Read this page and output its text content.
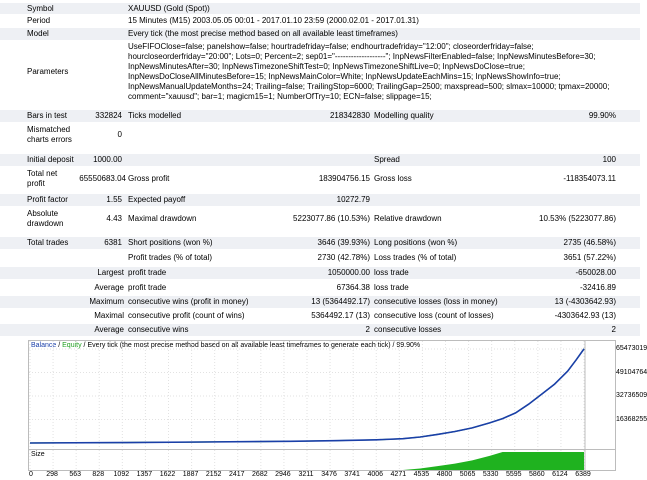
Symbol	XAUUSD (Gold (Spot))
Period	15 Minutes (M15) 2003.05.05 00:01 - 2017.01.10 23:59 (2000.02.01 - 2017.01.31)
Model	Every tick (the most precise method based on all available least timeframes)
Parameters
UseFIFOClose=false; panelshow=false; hourtradefriday=false; endhourtradefriday="12:00"; closeorderfriday=false;
hourcloseorderfriday="20:00"; Lots=0; Percent=2; sep01="-------------------"; InpNewsFilterEnabled=false; InpNewsMinutesBefore=30;
InpNewsMinutesAfter=30; InpNewsTimezoneShiftTest=0; InpNewsTimezoneShiftLive=0; InpNewsDoClose=true;
InpNewsDoCloseAllMinutesBefore=15; InpNewsMainColor=White; InpNewsUpdateEachMins=15; InpNewsShowInfo=true;
InpNewsManualUpdateMonths=24; Trailing=false; TrailingStop=6000; TrailingGap=2500; maxspread=500; slmax=10000; tpmax=20000;
comment="xauusd"; bar=1; magicm15=1; NumberOfTry=10; ECN=false; slippage=15;
Bars in test	332824 Ticks modelled	218342830 Modelling quality	99.90%
Mismatched
charts errors
0
Initial deposit	1000.00	Spread	100
Total net
profit
65550683.04 Gross profit	183904756.15 Gross loss	-118354073.11
Profit factor	1.55 Expected payoff	10272.79
Absolute
drawdown
4.43 Maximal drawdown	5223077.86 (10.53%) Relative drawdown	10.53% (5223077.86)
Total trades	6381 Short positions (won %)	3646 (39.93%) Long positions (won %)	2735 (46.58%)
Profit trades (% of total)	2730 (42.78%) Loss trades (% of total)	3651 (57.22%)
Largest profit trade	1050000.00 loss trade	-650028.00
Average profit trade	67364.38 loss trade	-32416.89
Maximum consecutive wins (profit in money)	13 (5364492.17) consecutive losses (loss in money)	13 (-4303642.93)
Maximal consecutive profit (count of wins)	5364492.17 (13) consecutive loss (count of losses)	-4303642.93 (13)
Average consecutive wins	2 consecutive losses	2
Balance / Equity / Every tick (the most precise method based on all available least timeframes to generate each tick) / 99.90%	65473019
49104764
32736509
16368255
Size
0 298 563 828 1092 1357 1622 1887 2152 2417 2682 2946 3211 3476 3741 4006 4271 4535 4800 5065 5330 5595 5860 6124 6389
